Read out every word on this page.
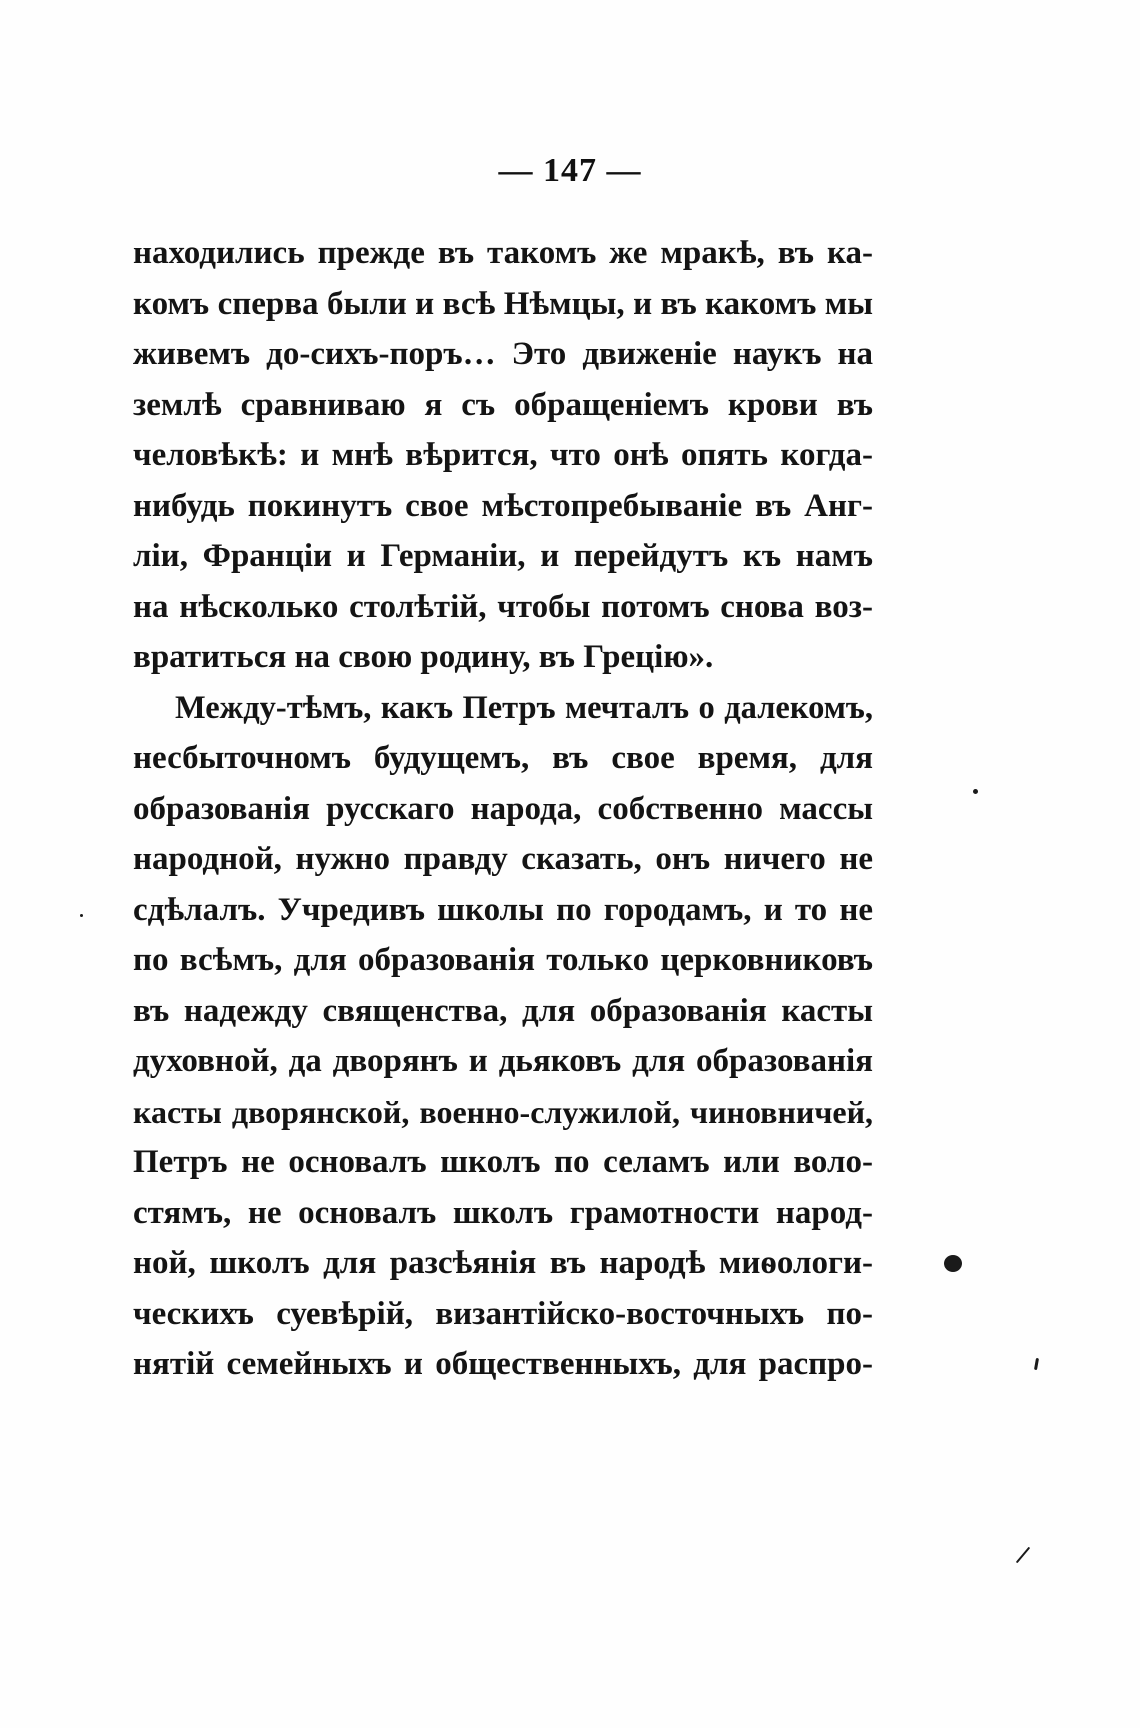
— 147 —
находились прежде въ такомъ же мракѣ, въ ка-
комъ сперва были и всѣ Нѣмцы, и въ какомъ мы
живемъ до-сихъ-поръ… Это движеніе наукъ на
землѣ сравниваю я съ обращеніемъ крови въ
человѣкѣ: и мнѣ вѣрится, что онѣ опять когда-
нибудь покинутъ свое мѣстопребываніе въ Анг-
ліи, Франціи и Германіи, и перейдутъ къ намъ
на нѣсколько столѣтій, чтобы потомъ снова воз-
вратиться на свою родину, въ Грецію».
Между-тѣмъ, какъ Петръ мечталъ о далекомъ,
несбыточномъ будущемъ, въ свое время, для
образованія русскаго народа, собственно массы
народной, нужно правду сказать, онъ ничего не
сдѣлалъ. Учредивъ школы по городамъ, и то не
по всѣмъ, для образованія только церковниковъ
въ надежду священства, для образованія касты
духовной, да дворянъ и дьяковъ для образованія
касты дворянской, военно-служилой, чиновничей,
Петръ не основалъ школъ по селамъ или воло-
стямъ, не основалъ школъ грамотности народ-
ной, школъ для разсѣянія въ народѣ миѳологи-
ческихъ суевѣрій, византійско-восточныхъ по-
нятій семейныхъ и общественныхъ, для распро-
